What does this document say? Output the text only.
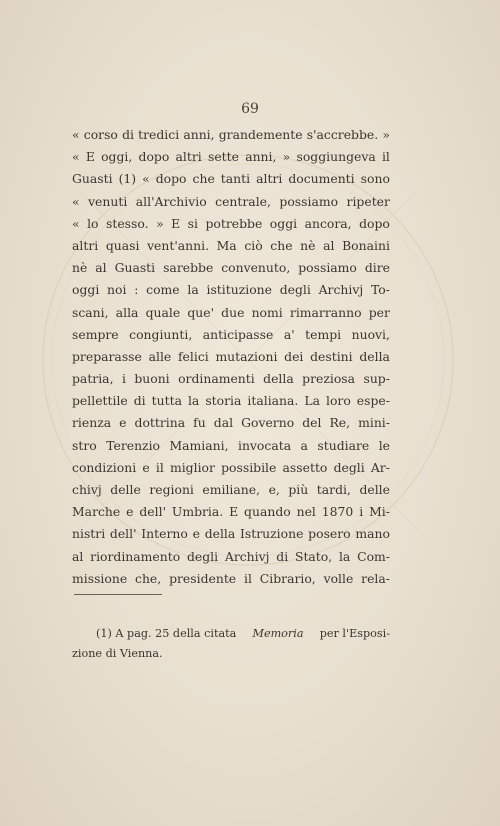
69
« corso di tredici anni, grandemente s'accrebbe. »
« E oggi, dopo altri sette anni, » soggiungeva il
Guasti (1) « dopo che tanti altri documenti sono
« venuti all'Archivio centrale, possiamo ripeter
« lo stesso. » E si potrebbe oggi ancora, dopo
altri quasi vent'anni. Ma ciò che nè al Bonaini
nè al Guasti sarebbe convenuto, possiamo dire
oggi noi : come la istituzione degli Archivj To-
scani, alla quale que' due nomi rimarranno per
sempre congiunti, anticipasse a' tempi nuovi,
preparasse alle felici mutazioni dei destini della
patria, i buoni ordinamenti della preziosa sup-
pellettile di tutta la storia italiana. La loro espe-
rienza e dottrina fu dal Governo del Re, mini-
stro Terenzio Mamiani, invocata a studiare le
condizioni e il miglior possibile assetto degli Ar-
chivj delle regioni emiliane, e, più tardi, delle
Marche e dell' Umbria. E quando nel 1870 i Mi-
nistri dell' Interno e della Istruzione posero mano
al riordinamento degli Archivj di Stato, la Com-
missione che, presidente il Cibrario, volle rela-
(1) A pag. 25 della citata Memoria per l'Esposi-
zione di Vienna.
